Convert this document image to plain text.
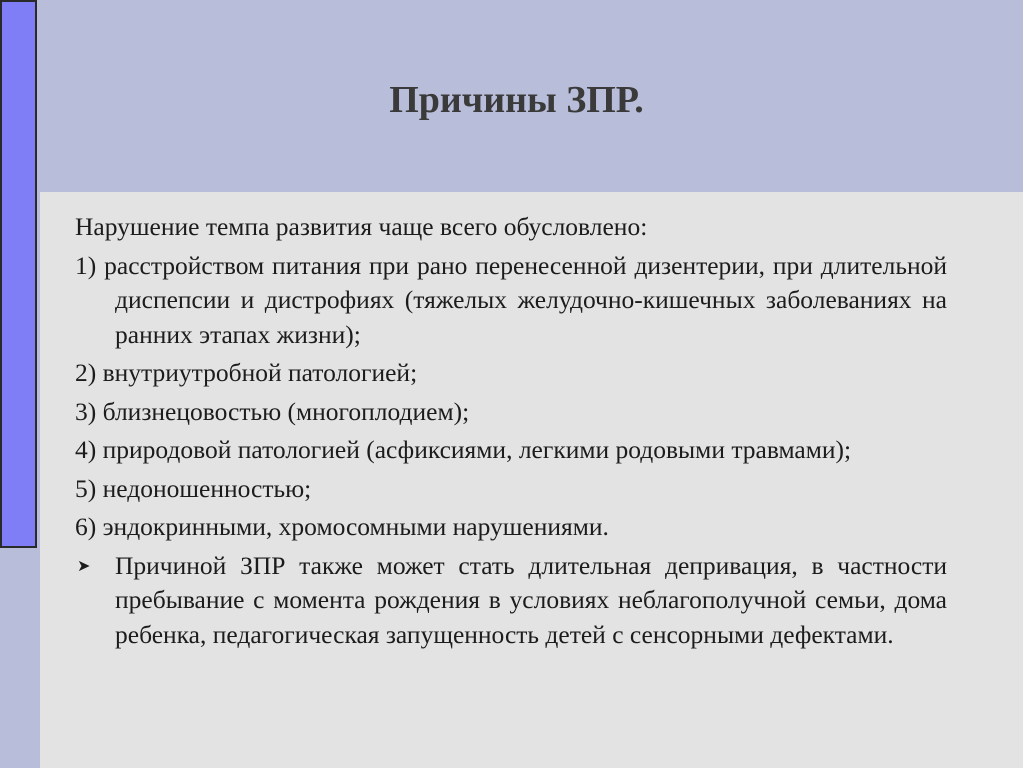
Причины ЗПР.

Нарушение темпа развития чаще всего обусловлено:

1) расстройством питания при рано перенесенной дизентерии, при длительной диспепсии и дистрофиях (тяжелых желудочно-кишечных заболеваниях на ранних этапах жизни);

2) внутриутробной патологией;

3) близнецовостью (многоплодием);

4) природовой патологией (асфиксиями, легкими родовыми травмами);

5) недоношенностью;

6) эндокринными, хромосомными нарушениями.

➤ Причиной ЗПР также может стать длительная депривация, в частности пребывание с момента рождения в условиях неблагополучной семьи, дома ребенка, педагогическая запущенность детей с сенсорными дефектами.
